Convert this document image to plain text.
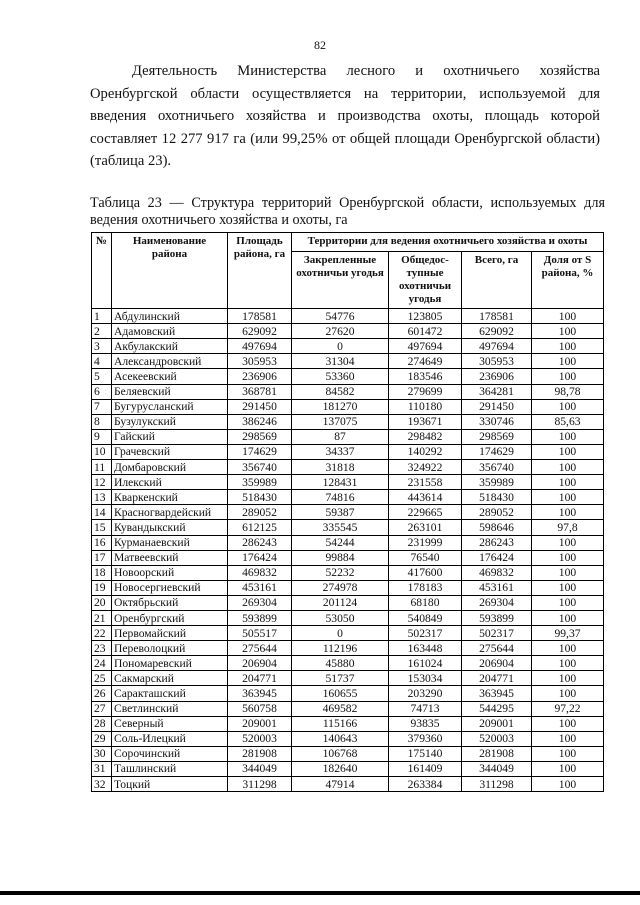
82
Деятельность Министерства лесного и охотничьего хозяйства Оренбургской области осуществляется на территории, используемой для введения охотничьего хозяйства и производства охоты, площадь которой составляет 12 277 917 га (или 99,25% от общей площади Оренбургской области) (таблица 23).
Таблица 23 — Структура территорий Оренбургской области, используемых для ведения охотничьего хозяйства и охоты, га
№	Наименование района	Площадь района, га	Территории для ведения охотничьего хозяйства и охоты			
			Закрепленные охотничьи угодья	Общедос-тупные охотничьи угодья	Всего, га	Доля от S района, %
1	Абдулинский	178581	54776	123805	178581	100
2	Адамовский	629092	27620	601472	629092	100
3	Акбулакский	497694	0	497694	497694	100
4	Александровский	305953	31304	274649	305953	100
5	Асекеевский	236906	53360	183546	236906	100
6	Беляевский	368781	84582	279699	364281	98,78
7	Бугурусланский	291450	181270	110180	291450	100
8	Бузулукский	386246	137075	193671	330746	85,63
9	Гайский	298569	87	298482	298569	100
10	Грачевский	174629	34337	140292	174629	100
11	Домбаровский	356740	31818	324922	356740	100
12	Илекский	359989	128431	231558	359989	100
13	Кваркенский	518430	74816	443614	518430	100
14	Красногвардейский	289052	59387	229665	289052	100
15	Кувандыкский	612125	335545	263101	598646	97,8
16	Курманаевский	286243	54244	231999	286243	100
17	Матвеевский	176424	99884	76540	176424	100
18	Новоорский	469832	52232	417600	469832	100
19	Новосергиевский	453161	274978	178183	453161	100
20	Октябрьский	269304	201124	68180	269304	100
21	Оренбургский	593899	53050	540849	593899	100
22	Первомайский	505517	0	502317	502317	99,37
23	Переволоцкий	275644	112196	163448	275644	100
24	Пономаревский	206904	45880	161024	206904	100
25	Сакмарский	204771	51737	153034	204771	100
26	Саракташский	363945	160655	203290	363945	100
27	Светлинский	560758	469582	74713	544295	97,22
28	Северный	209001	115166	93835	209001	100
29	Соль-Илецкий	520003	140643	379360	520003	100
30	Сорочинский	281908	106768	175140	281908	100
31	Ташлинский	344049	182640	161409	344049	100
32	Тоцкий	311298	47914	263384	311298	100
